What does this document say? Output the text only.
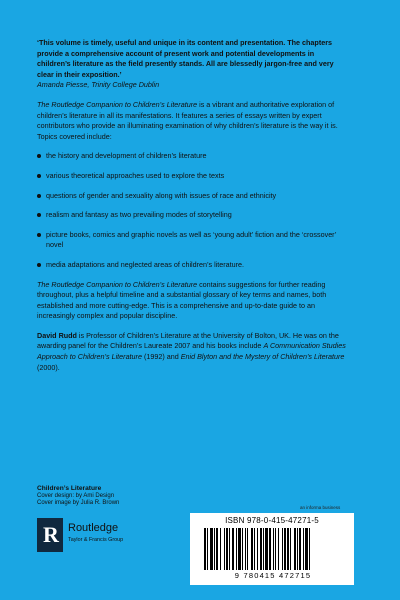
‘This volume is timely, useful and unique in its content and presentation. The chapters provide a comprehensive account of present work and potential developments in children’s literature as the field presently stands. All are blessedly jargon-free and very clear in their exposition.’

Amanda Piesse, Trinity College Dublin

The Routledge Companion to Children’s Literature is a vibrant and authoritative exploration of children’s literature in all its manifestations. It features a series of essays written by expert contributors who provide an illuminating examination of why children’s literature is the way it is. Topics covered include:

the history and development of children’s literature
various theoretical approaches used to explore the texts
questions of gender and sexuality along with issues of race and ethnicity
realism and fantasy as two prevailing modes of storytelling
picture books, comics and graphic novels as well as ‘young adult’ fiction and the ‘crossover’ novel
media adaptations and neglected areas of children’s literature.

The Routledge Companion to Children’s Literature contains suggestions for further reading throughout, plus a helpful timeline and a substantial glossary of key terms and names, both established and more cutting-edge. This is a comprehensive and up-to-date guide to an increasingly complex and popular discipline.

David Rudd is Professor of Children’s Literature at the University of Bolton, UK. He was on the awarding panel for the Children’s Laureate 2007 and his books include A Communication Studies Approach to Children’s Literature (1992) and Enid Blyton and the Mystery of Children’s Literature (2000).

Children’s Literature
Cover design: by Ami Design
Cover image by Julia R. Brown
an informa business
R Routledge
Taylor & Francis Group
ISBN 978-0-415-47271-5
9 780415 472715
